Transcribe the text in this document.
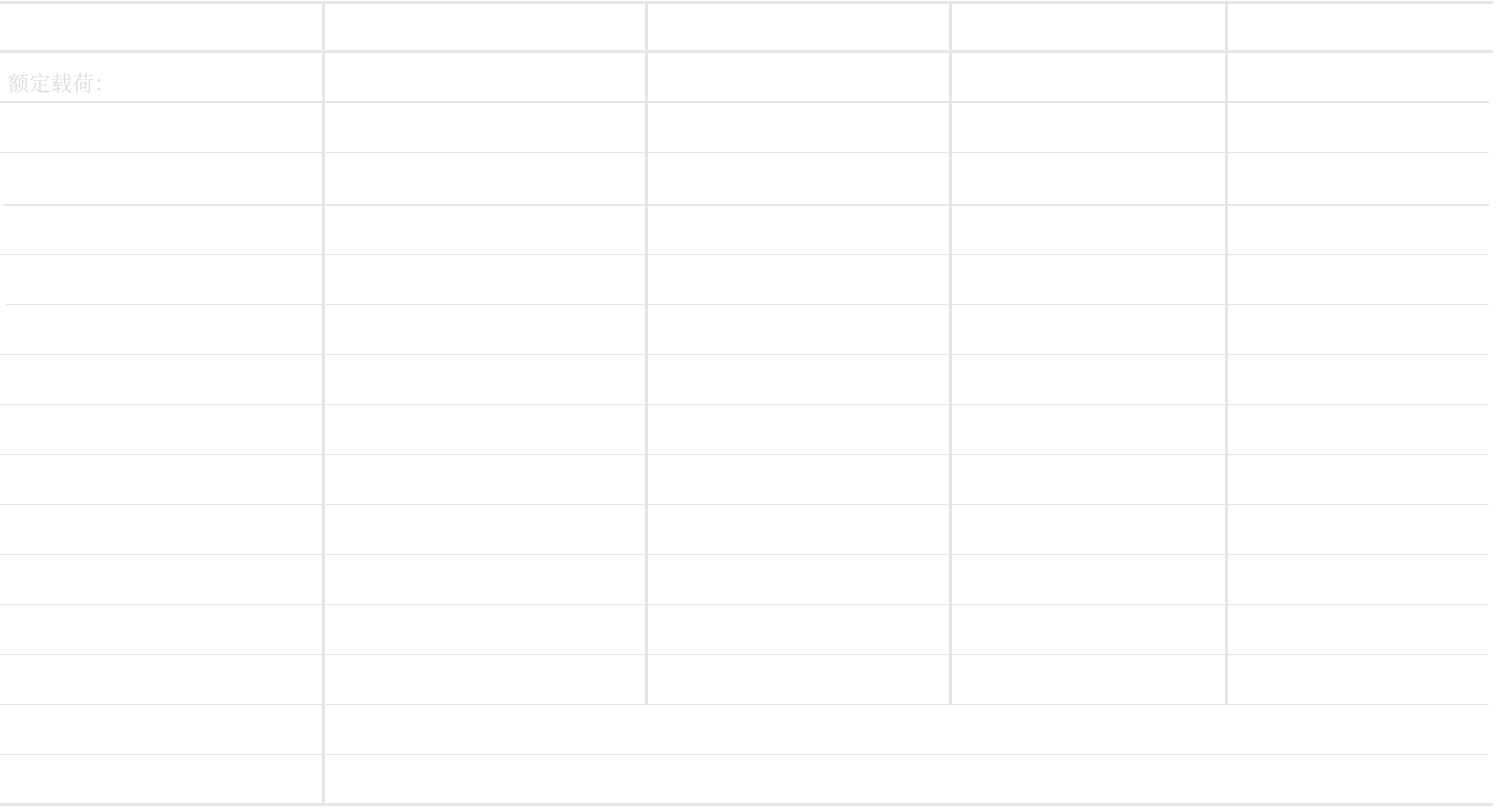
额定载荷：
